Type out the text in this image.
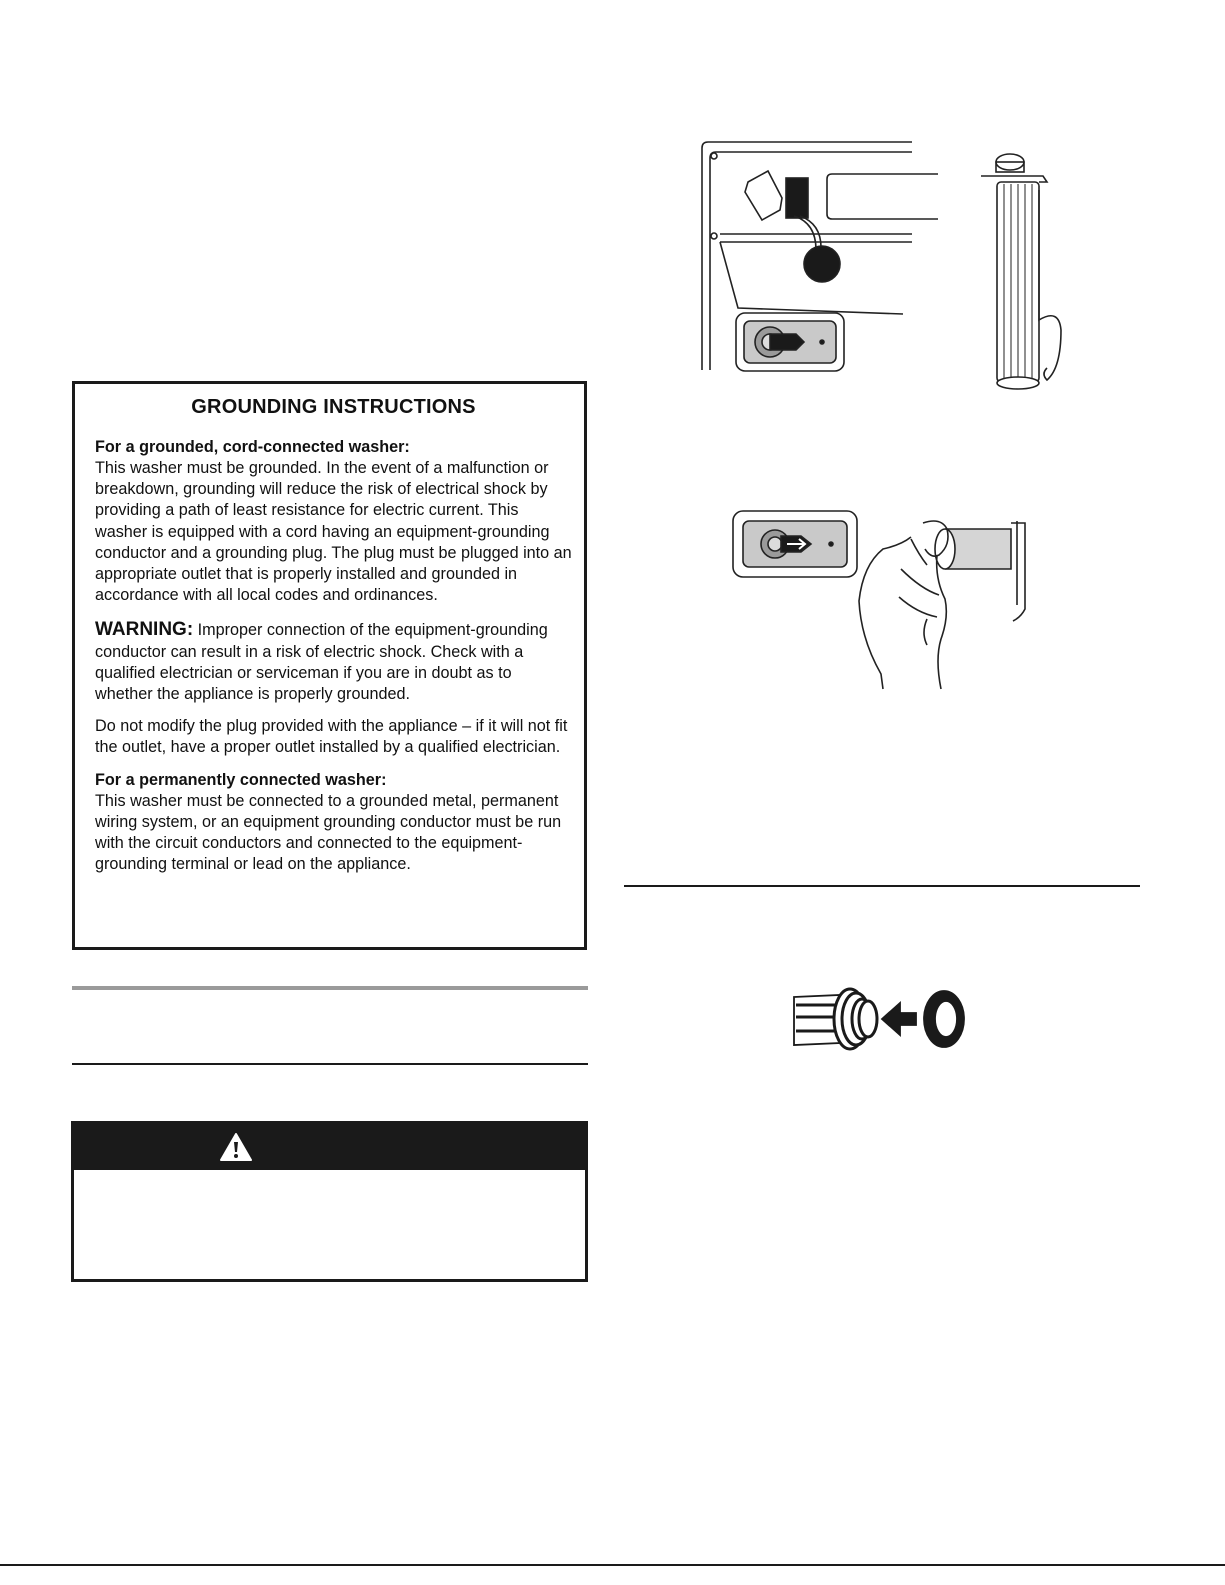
GROUNDING INSTRUCTIONS
For a grounded, cord-connected washer:

This washer must be grounded. In the event of a malfunction or breakdown, grounding will reduce the risk of electrical shock by providing a path of least resistance for electric current. This washer is equipped with a cord having an equipment-grounding conductor and a grounding plug. The plug must be plugged into an appropriate outlet that is properly installed and grounded in accordance with all local codes and ordinances.

WARNING: Improper connection of the equipment-grounding conductor can result in a risk of electric shock. Check with a qualified electrician or serviceman if you are in doubt as to whether the appliance is properly grounded.

Do not modify the plug provided with the appliance – if it will not fit the outlet, have a proper outlet installed by a qualified electrician.

For a permanently connected washer:

This washer must be connected to a grounded metal, permanent wiring system, or an equipment grounding conductor must be run with the circuit conductors and connected to the equipment-grounding terminal or lead on the appliance.
